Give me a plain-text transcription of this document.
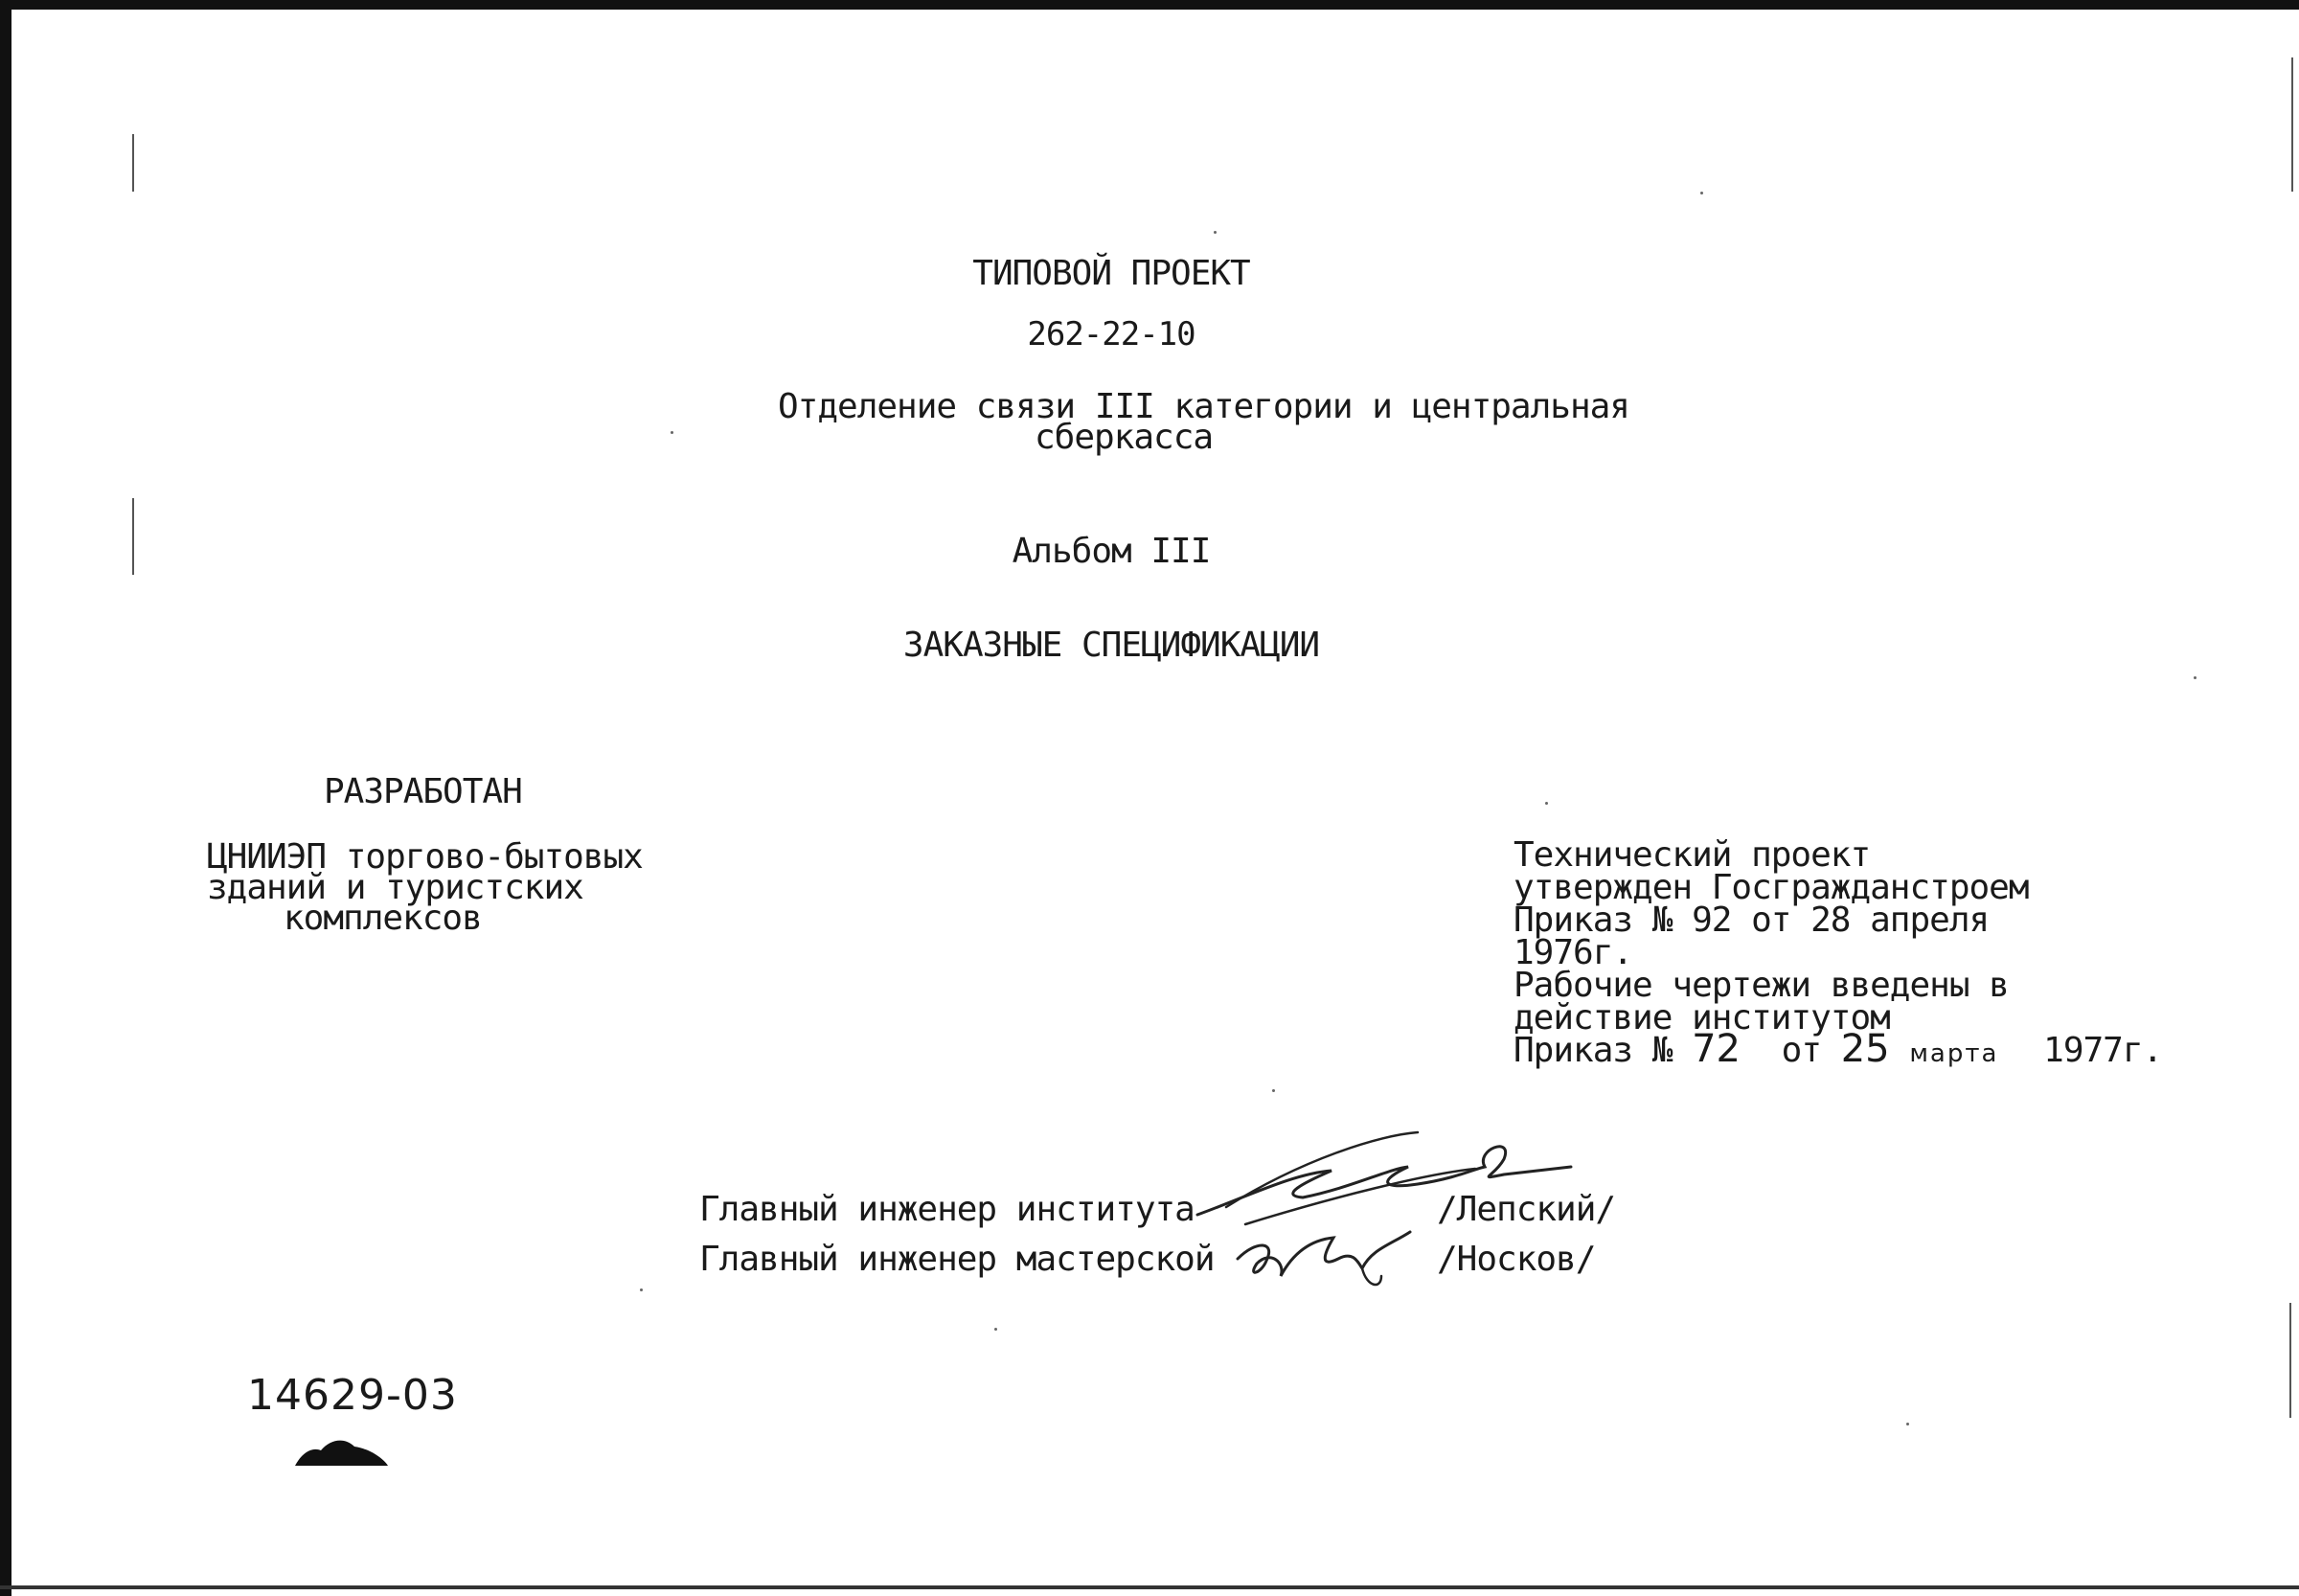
ТИПОВОЙ ПРОЕКТ
262-22-10
Отделение связи III категории и центральная
сберкасса
Альбом III
ЗАКАЗНЫЕ СПЕЦИФИКАЦИИ
РАЗРАБОТАН
ЦНИИЭП торгово-бытовых
зданий и туристских
комплексов
Технический проект
утвержден Госгражданстроем
Приказ № 92 от 28 апреля
1976г.
Рабочие чертежи введены в
действие институтом
Приказ № 72 от 25 марта 1977г.
Главный инженер института	/Лепский/
Главный инженер мастерской	/Носков/
14629-03
